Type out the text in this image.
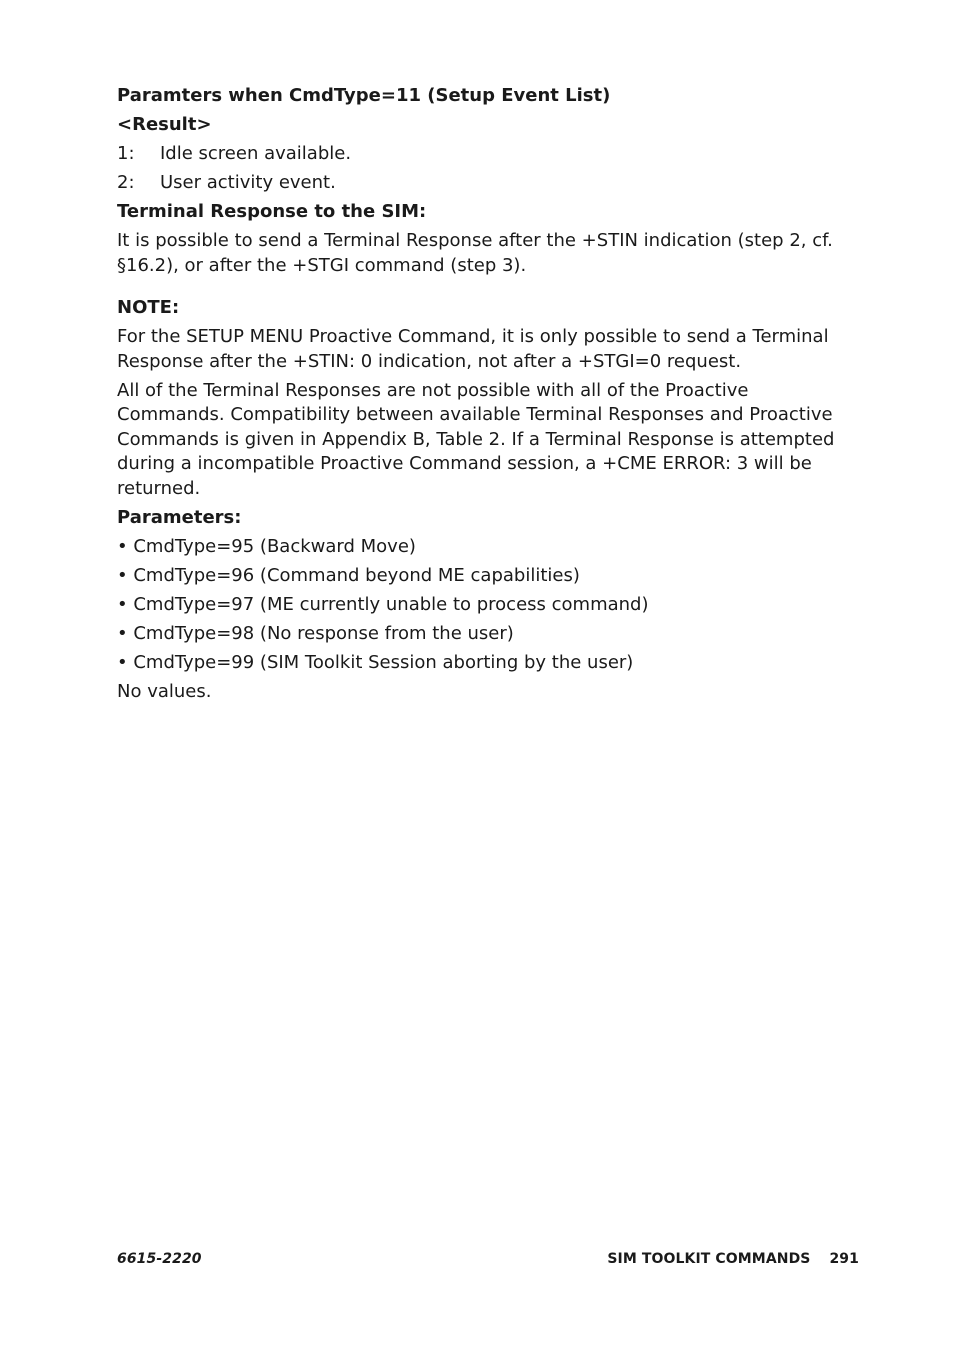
Paramters when CmdType=11 (Setup Event List)

<Result>

1:	Idle screen available.
2:	User activity event.

Terminal Response to the SIM:

It is possible to send a Terminal Response after the +STIN indication (step 2, cf. §16.2), or after the +STGI command (step 3).

NOTE:

For the SETUP MENU Proactive Command, it is only possible to send a Terminal Response after the +STIN: 0 indication, not after a +STGI=0 request.

All of the Terminal Responses are not possible with all of the Proactive Commands. Compatibility between available Terminal Responses and Proactive Commands is given in Appendix B, Table 2. If a Terminal Response is attempted during a incompatible Proactive Command session, a +CME ERROR: 3 will be returned.

Parameters:

• CmdType=95 (Backward Move)

• CmdType=96 (Command beyond ME capabilities)

• CmdType=97 (ME currently unable to process command)

• CmdType=98 (No response from the user)

• CmdType=99 (SIM Toolkit Session aborting by the user)

No values.

6615-2220	SIM TOOLKIT COMMANDS 291
